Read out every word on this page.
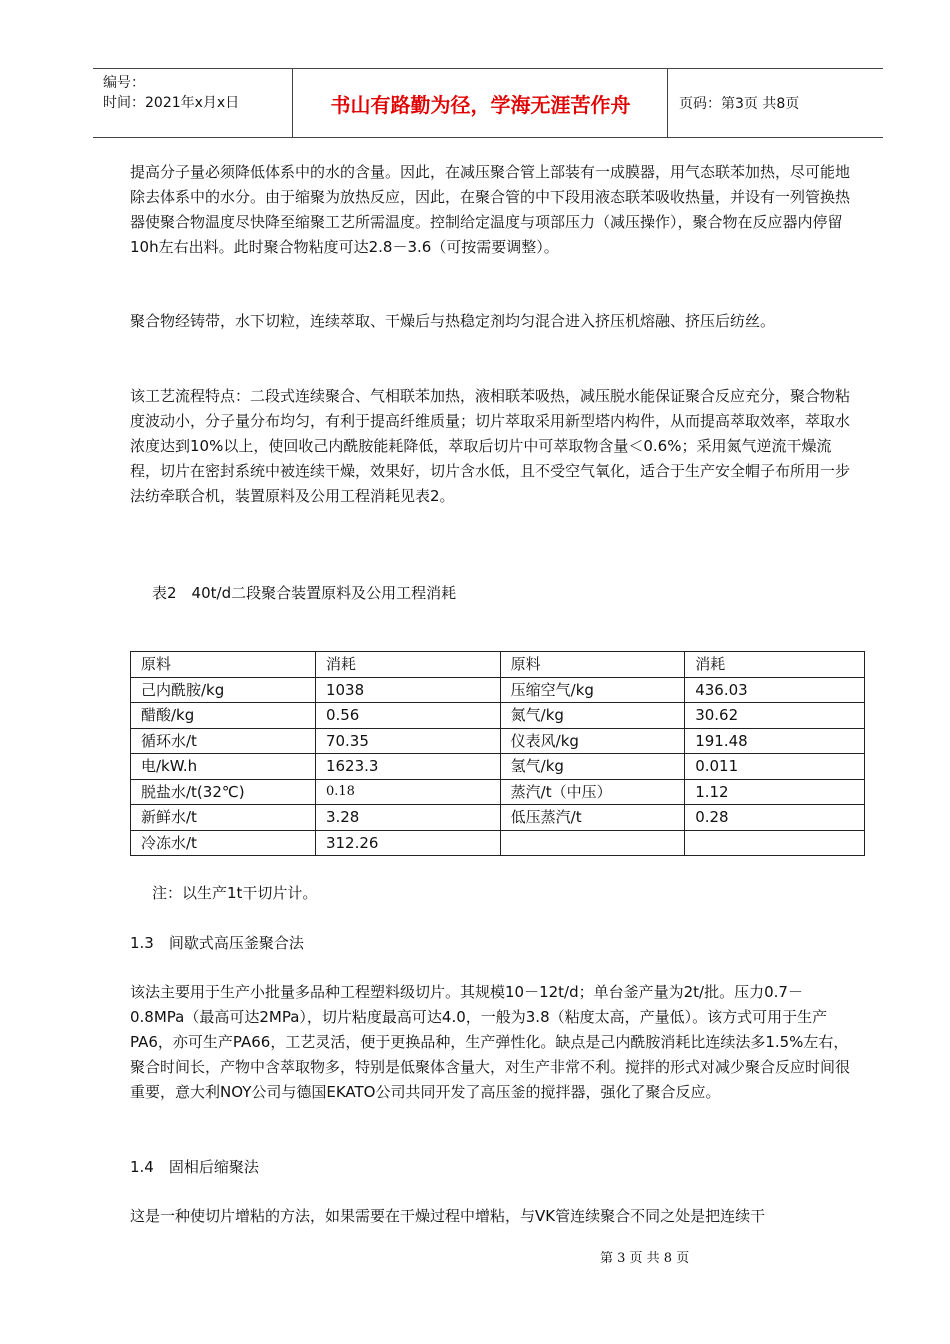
编号：
时间：2021年x月x日	书山有路勤为径，学海无涯苦作舟	页码：第3页 共8页

提高分子量必须降低体系中的水的含量。因此，在减压聚合管上部装有一成膜器，用气态联苯加热，尽可能地除去体系中的水分。由于缩聚为放热反应，因此，在聚合管的中下段用液态联苯吸收热量，并设有一列管换热器使聚合物温度尽快降至缩聚工艺所需温度。控制给定温度与项部压力（减压操作），聚合物在反应器内停留10h左右出料。此时聚合物粘度可达2.8－3.6（可按需要调整）。

聚合物经铸带，水下切粒，连续萃取、干燥后与热稳定剂均匀混合进入挤压机熔融、挤压后纺丝。

该工艺流程特点：二段式连续聚合、气相联苯加热，液相联苯吸热，减压脱水能保证聚合反应充分，聚合物粘度波动小，分子量分布均匀，有利于提高纤维质量；切片萃取采用新型塔内构件，从而提高萃取效率，萃取水浓度达到10%以上，使回收己内酰胺能耗降低，萃取后切片中可萃取物含量＜0.6%；采用氮气逆流干燥流程，切片在密封系统中被连续干燥，效果好，切片含水低，且不受空气氧化，适合于生产安全帽子布所用一步法纺牵联合机，装置原料及公用工程消耗见表2。

表2　40t/d二段聚合装置原料及公用工程消耗
原料	消耗	原料	消耗
己内酰胺/kg	1038	压缩空气/kg	436.03
醋酸/kg	0.56	氮气/kg	30.62
循环水/t	70.35	仪表风/kg	191.48
电/kW.h	1623.3	氢气/kg	0.011
脱盐水/t(32℃)	0.18	蒸汽/t（中压）	1.12
新鲜水/t	3.28	低压蒸汽/t	0.28
冷冻水/t	312.26		
注：以生产1t干切片计。
1.3　间歇式高压釜聚合法

该法主要用于生产小批量多品种工程塑料级切片。其规模10－12t/d；单台釜产量为2t/批。压力0.7－0.8MPa（最高可达2MPa），切片粘度最高可达4.0，一般为3.8（粘度太高，产量低）。该方式可用于生产PA6，亦可生产PA66，工艺灵活，便于更换品种，生产弹性化。缺点是己内酰胺消耗比连续法多1.5%左右，聚合时间长，产物中含萃取物多，特别是低聚体含量大，对生产非常不利。搅拌的形式对减少聚合反应时间很重要，意大利NOY公司与德国EKATO公司共同开发了高压釜的搅拌器，强化了聚合反应。

1.4　固相后缩聚法

这是一种使切片增粘的方法，如果需要在干燥过程中增粘，与VK管连续聚合不同之处是把连续干

第 3 页 共 8 页
